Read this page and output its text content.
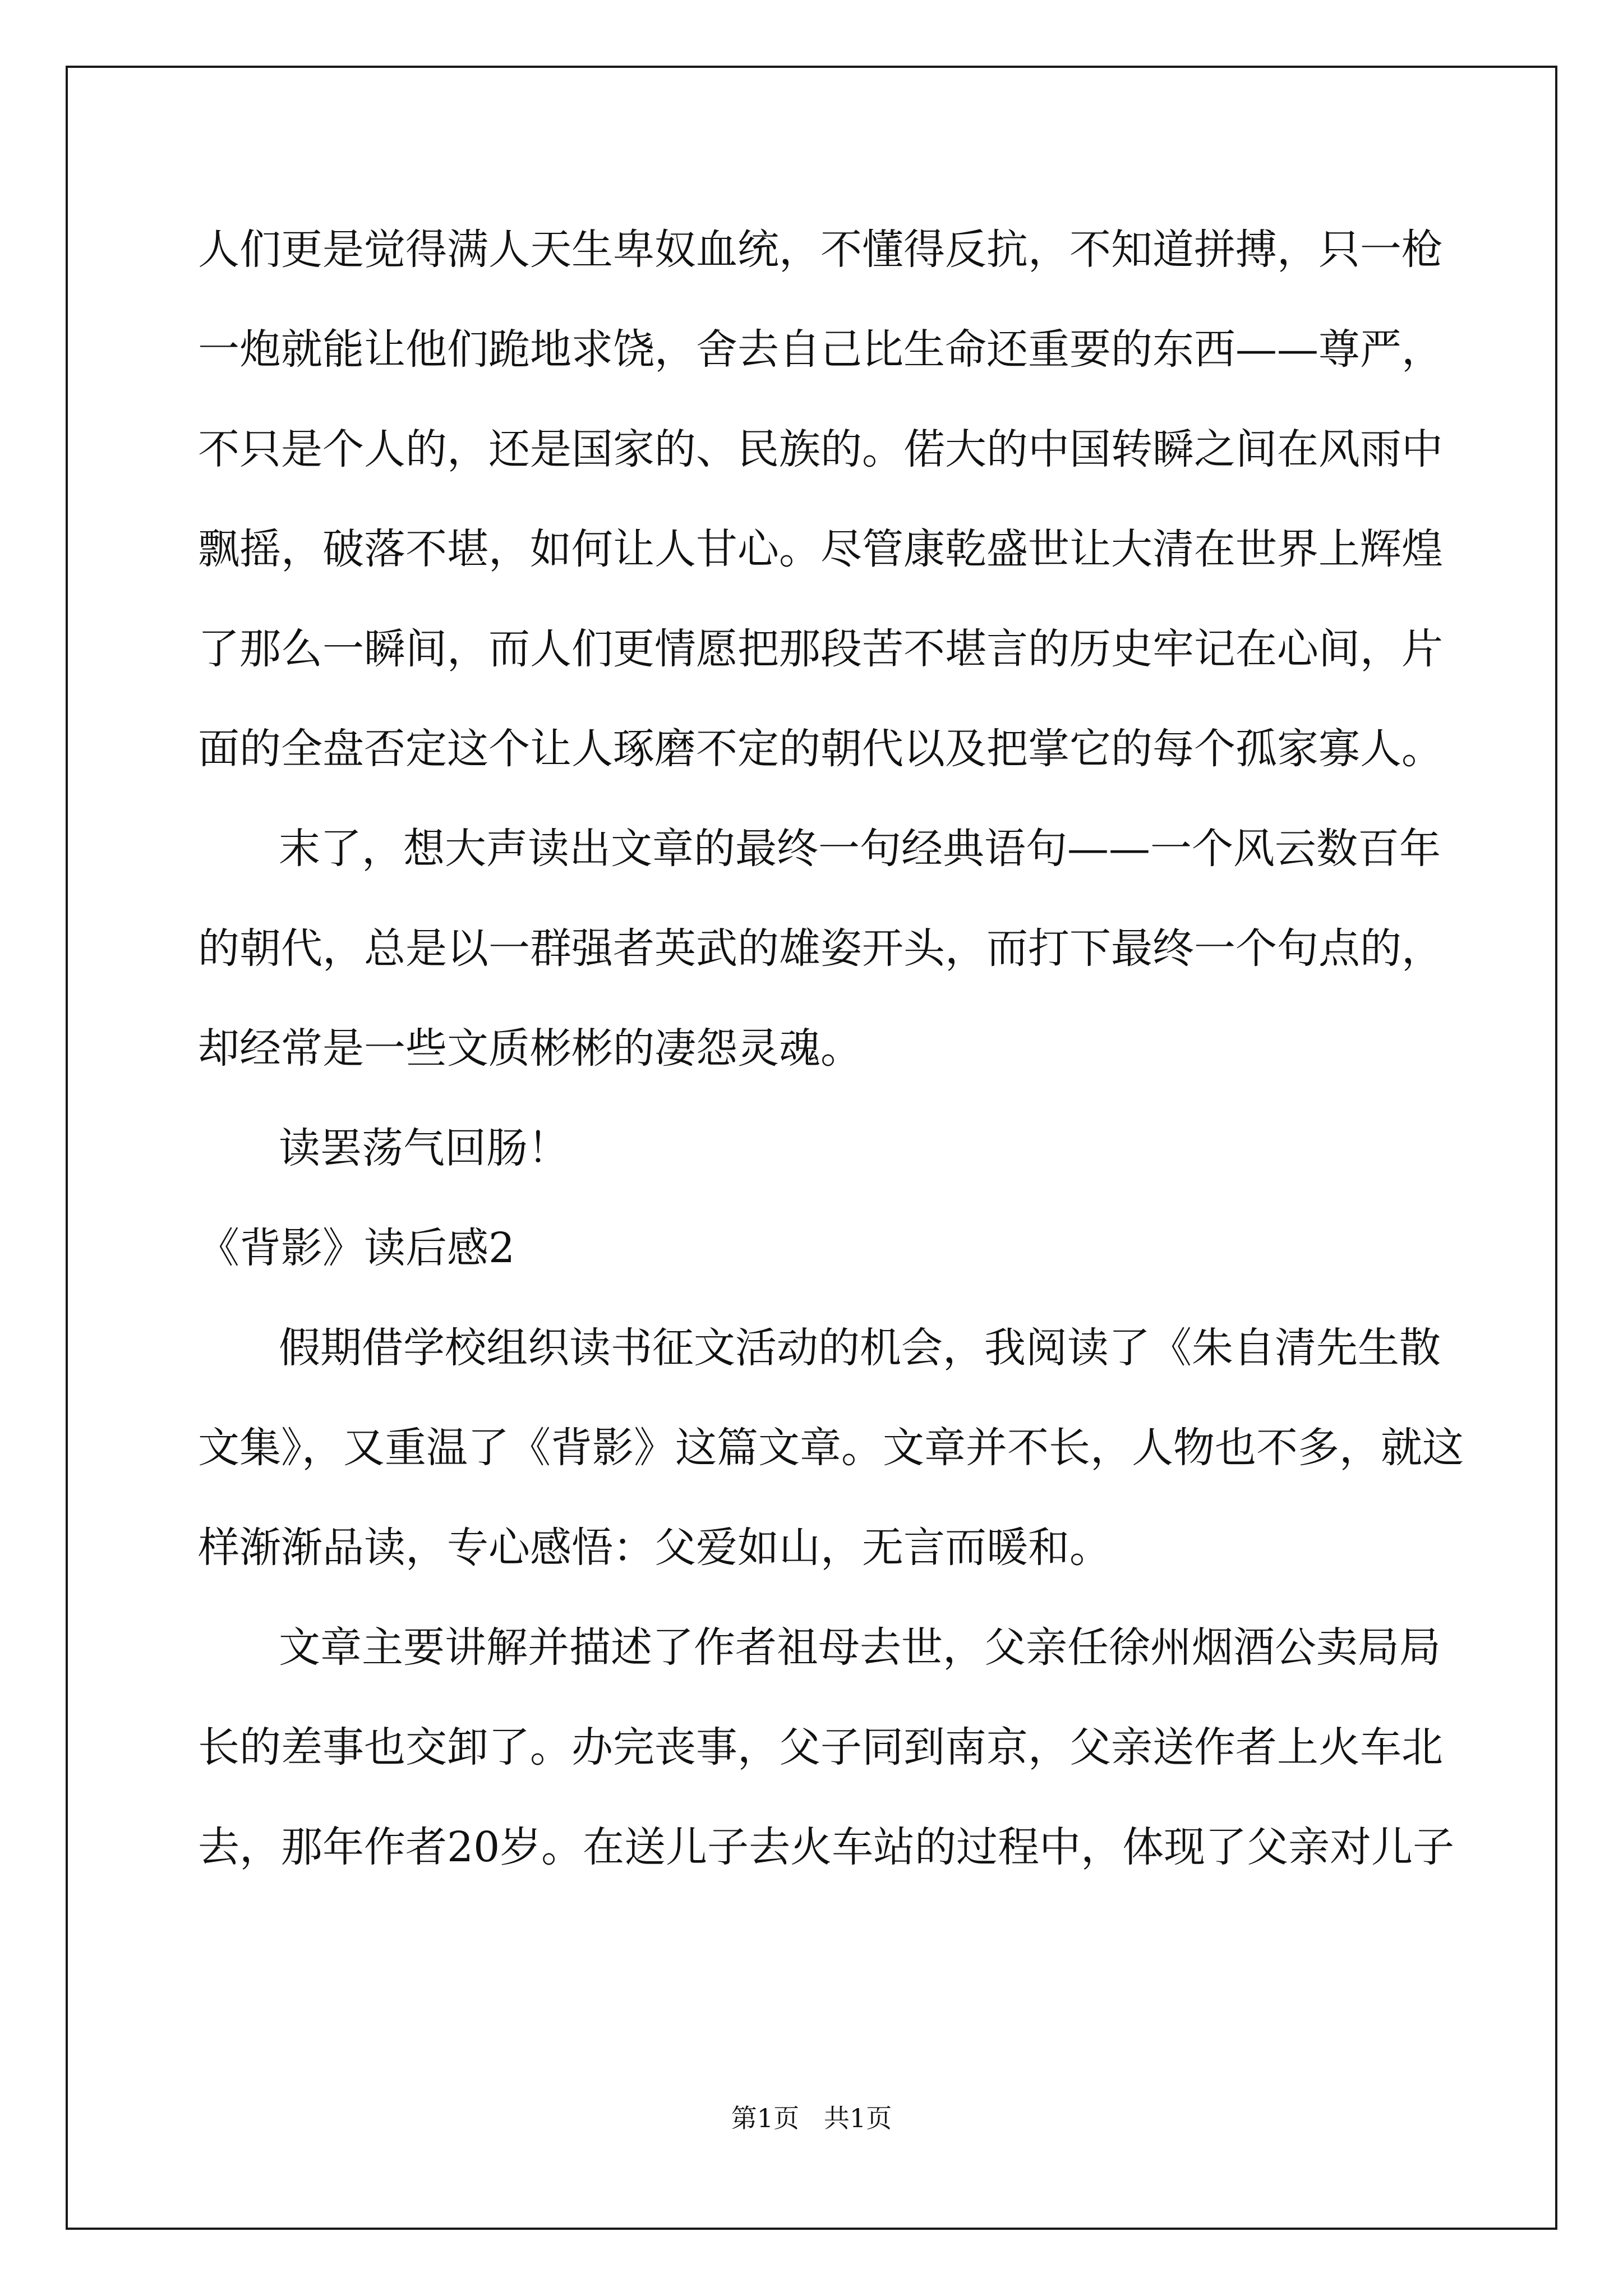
人们更是觉得满人天生卑奴血统，不懂得反抗，不知道拼搏，只一枪

一炮就能让他们跪地求饶，舍去自己比生命还重要的东西——尊严，

不只是个人的，还是国家的、民族的。偌大的中国转瞬之间在风雨中

飘摇，破落不堪，如何让人甘心。尽管康乾盛世让大清在世界上辉煌

了那么一瞬间，而人们更情愿把那段苦不堪言的历史牢记在心间，片

面的全盘否定这个让人琢磨不定的朝代以及把掌它的每个孤家寡人。

末了，想大声读出文章的最终一句经典语句——一个风云数百年

的朝代，总是以一群强者英武的雄姿开头，而打下最终一个句点的，

却经常是一些文质彬彬的凄怨灵魂。

读罢荡气回肠！

《背影》读后感2

假期借学校组织读书征文活动的机会，我阅读了《朱自清先生散

文集》，又重温了《背影》这篇文章。文章并不长，人物也不多，就这

样渐渐品读，专心感悟：父爱如山，无言而暖和。

文章主要讲解并描述了作者祖母去世，父亲任徐州烟酒公卖局局

长的差事也交卸了。办完丧事，父子同到南京，父亲送作者上火车北

去，那年作者20岁。在送儿子去火车站的过程中，体现了父亲对儿子

第1页   共1页
